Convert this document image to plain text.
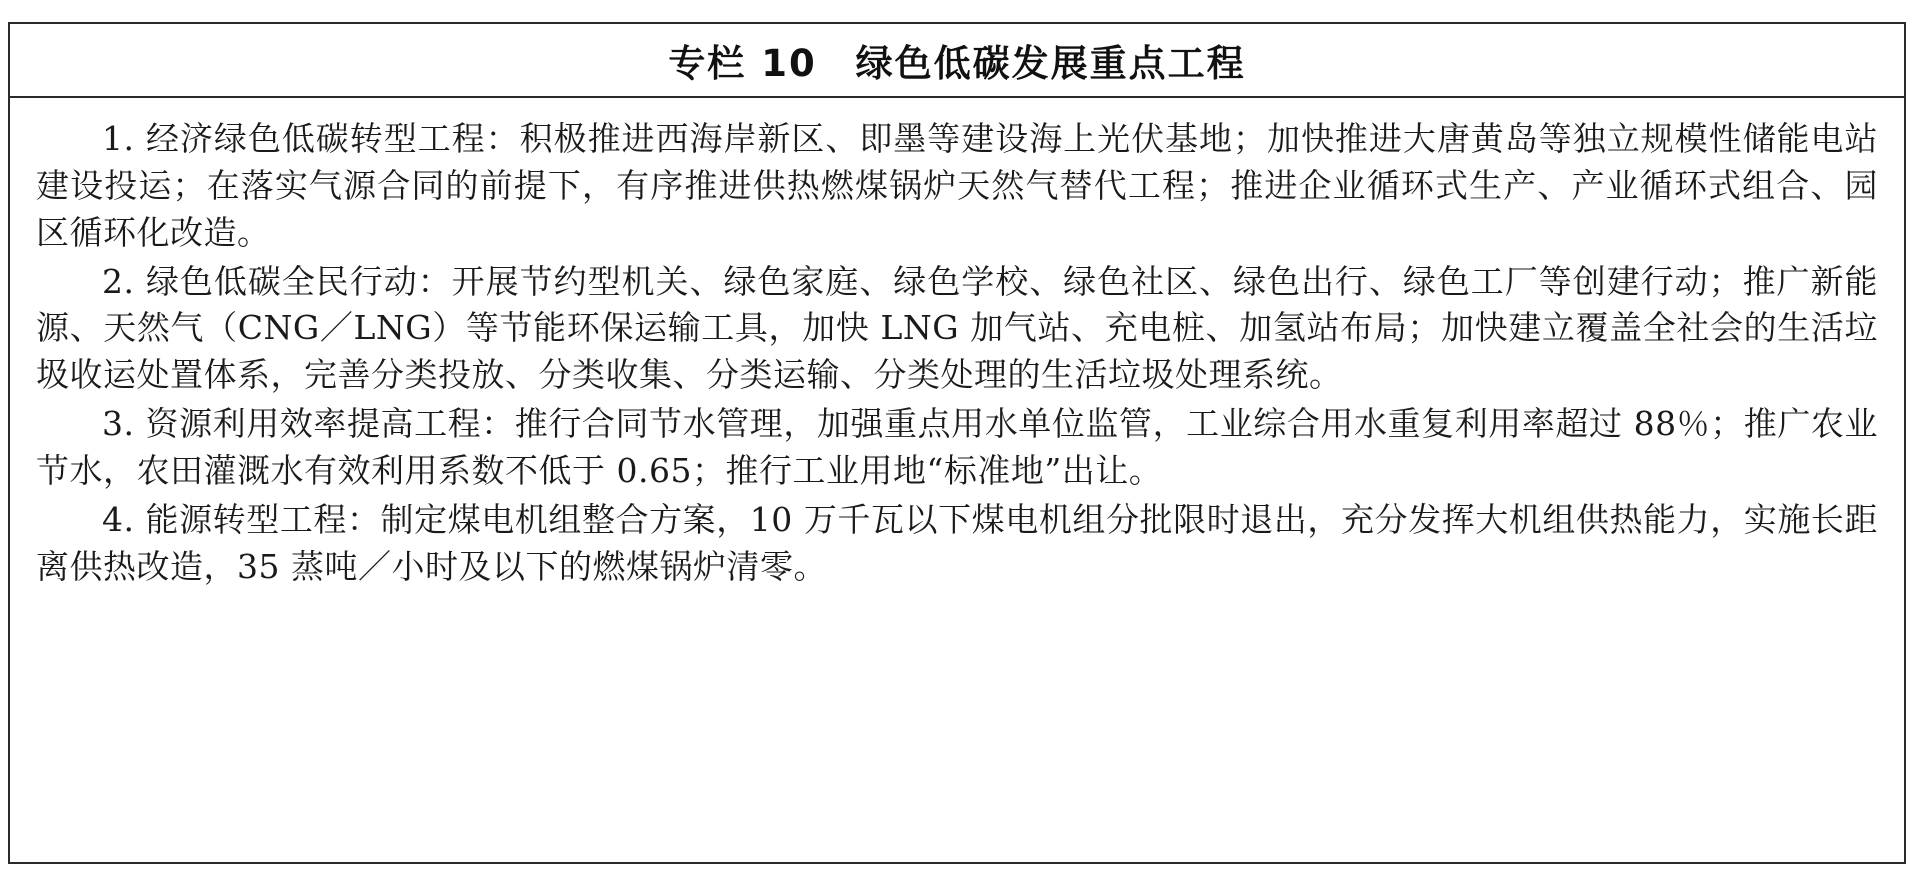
专栏 10　绿色低碳发展重点工程

1. 经济绿色低碳转型工程：积极推进西海岸新区、即墨等建设海上光伏基地；加快推进大唐黄岛等独立规模性储能电站建设投运；在落实气源合同的前提下，有序推进供热燃煤锅炉天然气替代工程；推进企业循环式生产、产业循环式组合、园区循环化改造。

2. 绿色低碳全民行动：开展节约型机关、绿色家庭、绿色学校、绿色社区、绿色出行、绿色工厂等创建行动；推广新能源、天然气（CNG／LNG）等节能环保运输工具，加快 LNG 加气站、充电桩、加氢站布局；加快建立覆盖全社会的生活垃圾收运处置体系，完善分类投放、分类收集、分类运输、分类处理的生活垃圾处理系统。

3. 资源利用效率提高工程：推行合同节水管理，加强重点用水单位监管，工业综合用水重复利用率超过 88％；推广农业节水，农田灌溉水有效利用系数不低于 0.65；推行工业用地“标准地”出让。

4. 能源转型工程：制定煤电机组整合方案，10 万千瓦以下煤电机组分批限时退出，充分发挥大机组供热能力，实施长距离供热改造，35 蒸吨／小时及以下的燃煤锅炉清零。
